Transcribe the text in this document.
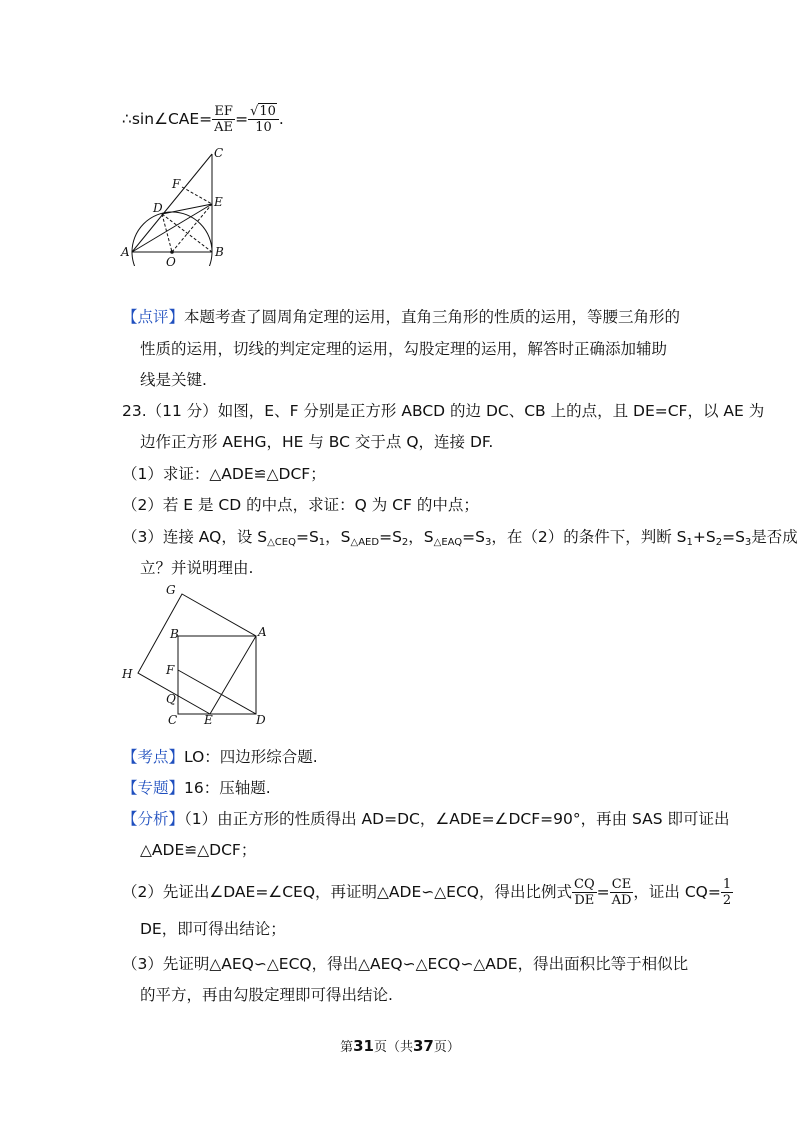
∴sin∠CAE= $\frac{EF}{AE} = \frac{√10}{10}$ .
C
F
D	E
A	B
O
【点评】本题考查了圆周角定理的运用，直角三角形的性质的运用，等腰三角形的
性质的运用，切线的判定定理的运用，勾股定理的运用，解答时正确添加辅助
线是关键.
23.（11 分）如图，E、F 分别是正方形 ABCD 的边 DC、CB 上的点，且 DE=CF，以 AE 为
边作正方形 AEHG，HE 与 BC 交于点 Q，连接 DF.
（1）求证：△ADE≌△DCF；
（2）若 E 是 CD 的中点，求证：Q 为 CF 的中点；
（3）连接 AQ，设 $S_{\triangle CEQ}=S_1$，$S_{\triangle AED}=S_2$，$S_{\triangle EAQ}=S_3$，在（2）的条件下，判断 $S_1+S_2=S_3$是否成
立？并说明理由.
G
B	A
H	F
Q
C E	D
【考点】LO：四边形综合题.
【专题】16：压轴题.
【分析】（1）由正方形的性质得出 AD=DC，∠ADE=∠DCF=90°，再由 SAS 即可证出
△ADE≌△DCF；
（2）先证出∠DAE=∠CEQ，再证明△ADE∽△ECQ，得出比例式 $\frac{CQ}{DE} = \frac{CE}{AD}$ ，证出 $CQ= \frac{1}{2}$
DE，即可得出结论；
（3）先证明△AEQ∽△ECQ，得出△AEQ∽△ECQ∽△ADE，得出面积比等于相似比
的平方，再由勾股定理即可得出结论.
第31页（共37页）
